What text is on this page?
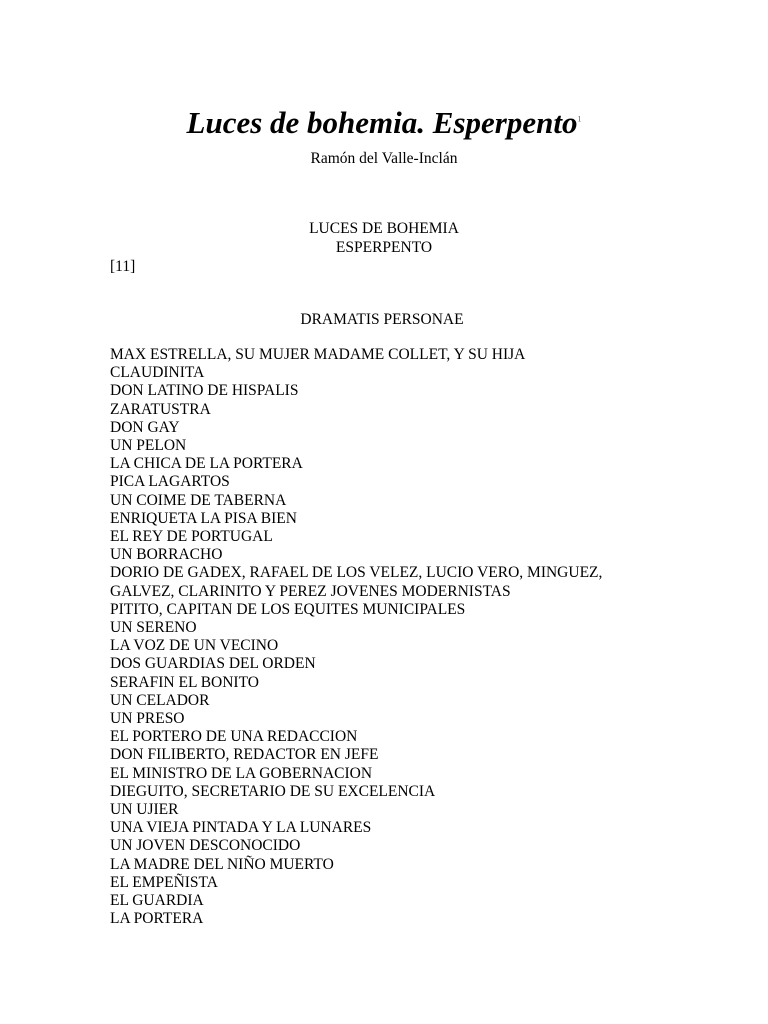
Luces de bohemia. Esperpento$^1$
Ramón del Valle-Inclán
LUCES DE BOHEMIA
ESPERPENTO
[11]
DRAMATIS PERSONAE
MAX ESTRELLA, SU MUJER MADAME COLLET, Y SU HIJA
CLAUDINITA
DON LATINO DE HISPALIS
ZARATUSTRA
DON GAY
UN PELON
LA CHICA DE LA PORTERA
PICA LAGARTOS
UN COIME DE TABERNA
ENRIQUETA LA PISA BIEN
EL REY DE PORTUGAL
UN BORRACHO
DORIO DE GADEX, RAFAEL DE LOS VELEZ, LUCIO VERO, MINGUEZ,
GALVEZ, CLARINITO Y PEREZ JOVENES MODERNISTAS
PITITO, CAPITAN DE LOS EQUITES MUNICIPALES
UN SERENO
LA VOZ DE UN VECINO
DOS GUARDIAS DEL ORDEN
SERAFIN EL BONITO
UN CELADOR
UN PRESO
EL PORTERO DE UNA REDACCION
DON FILIBERTO, REDACTOR EN JEFE
EL MINISTRO DE LA GOBERNACION
DIEGUITO, SECRETARIO DE SU EXCELENCIA
UN UJIER
UNA VIEJA PINTADA Y LA LUNARES
UN JOVEN DESCONOCIDO
LA MADRE DEL NIÑO MUERTO
EL EMPEÑISTA
EL GUARDIA
LA PORTERA
